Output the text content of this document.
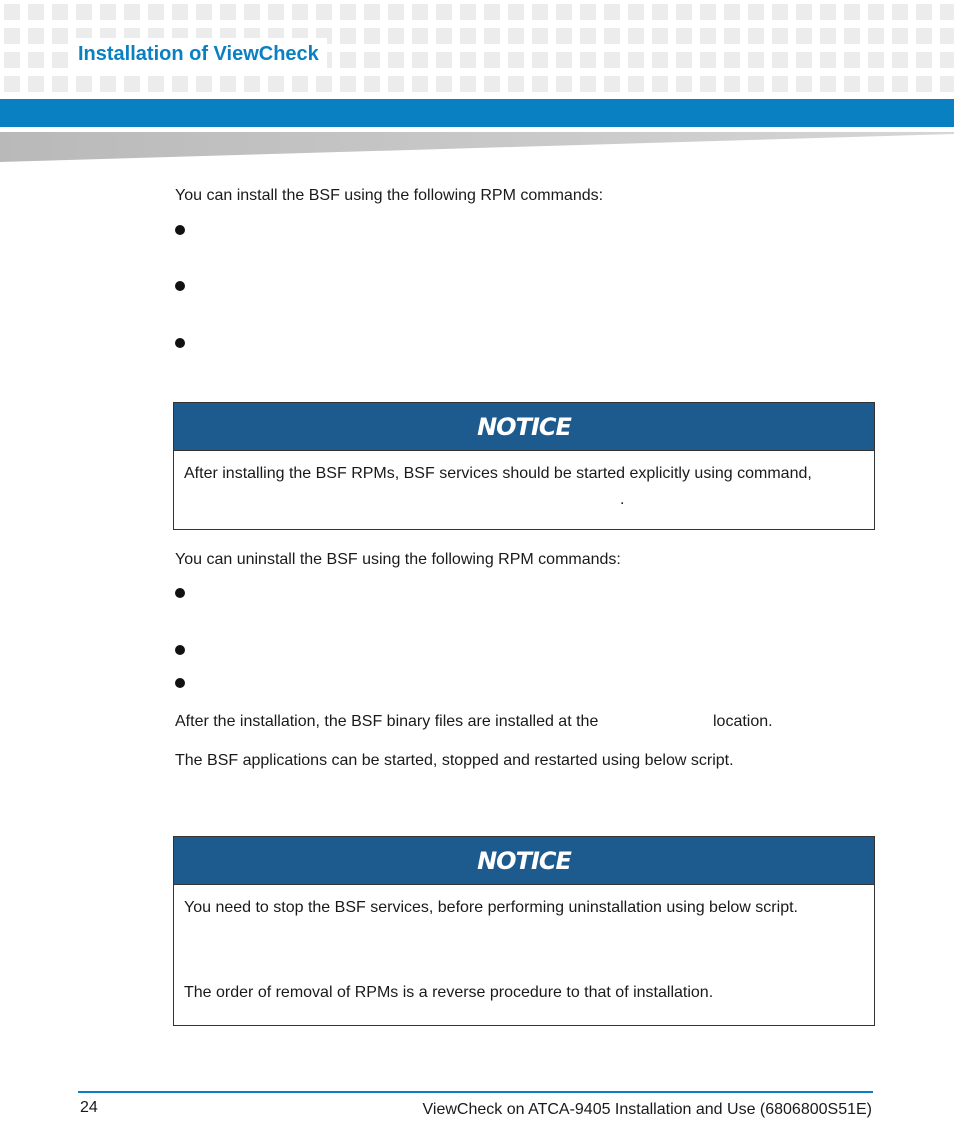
Installation of ViewCheck
You can install the BSF using the following RPM commands:
NOTICE
After installing the BSF RPMs, BSF services should be started explicitly using command,
.
You can uninstall the BSF using the following RPM commands:
After the installation, the BSF binary files are installed at the	location.
The BSF applications can be started, stopped and restarted using below script.
NOTICE
You need to stop the BSF services, before performing uninstallation using below script.
The order of removal of RPMs is a reverse procedure to that of installation.
24	ViewCheck on ATCA-9405 Installation and Use (6806800S51E)
